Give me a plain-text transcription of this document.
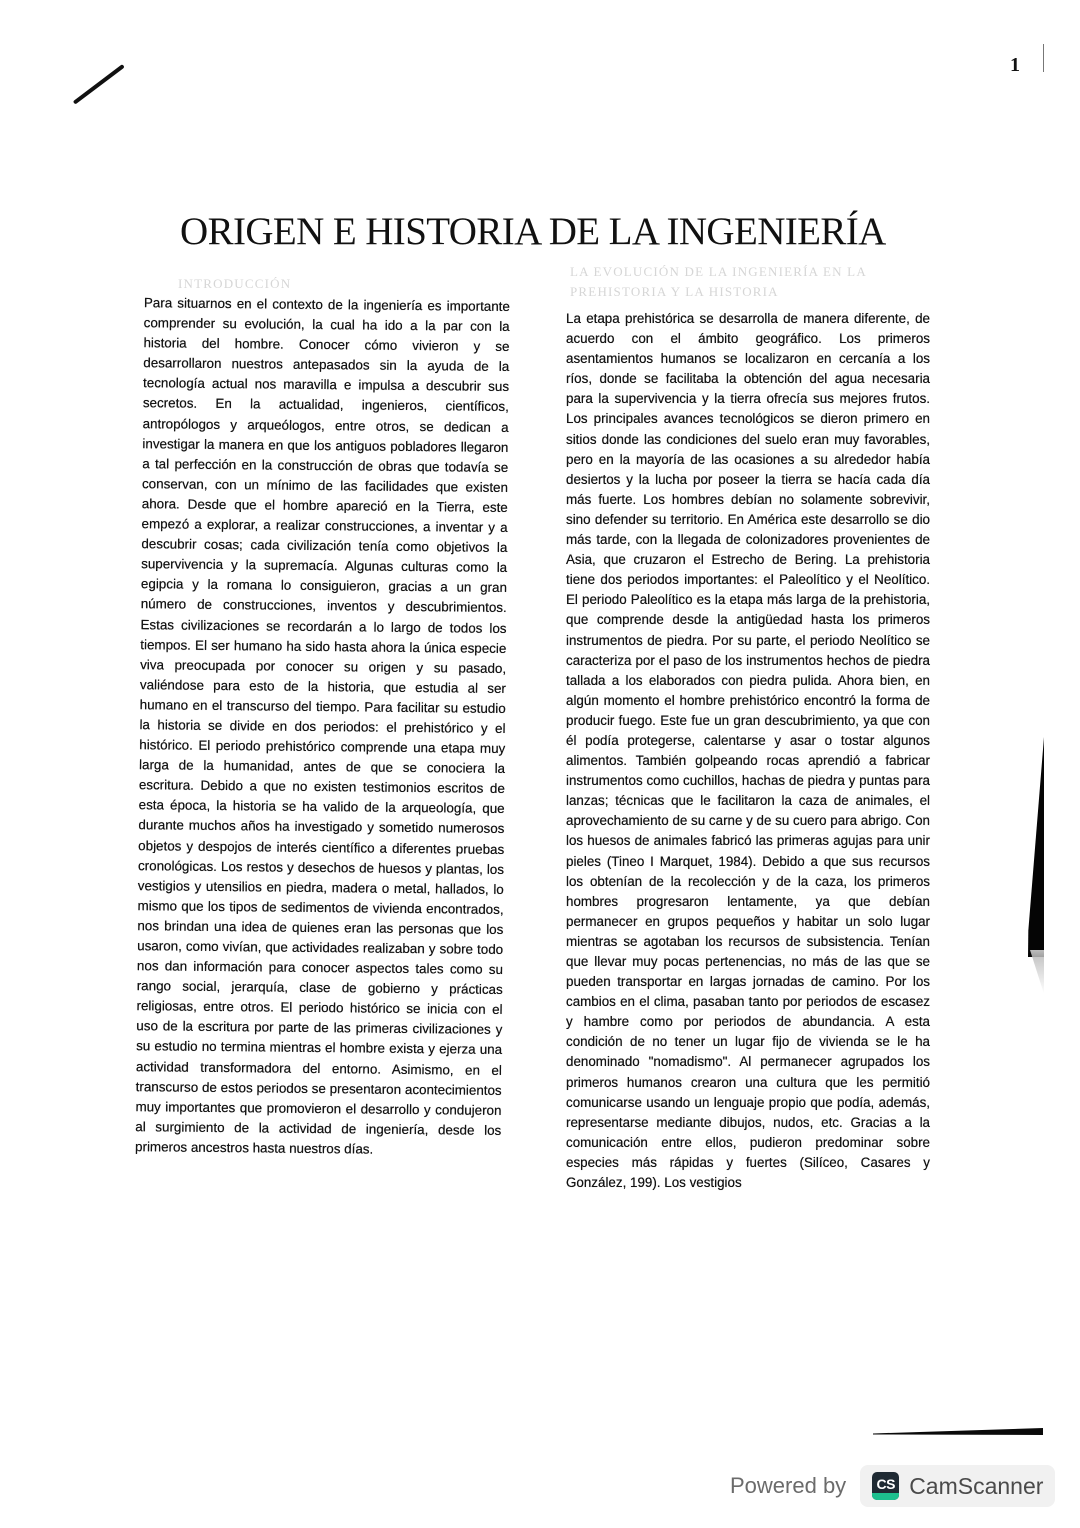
1
ORIGEN E HISTORIA DE LA INGENIERÍA
INTRODUCCIÓN
LA EVOLUCIÓN DE LA INGENIERÍA EN LA PREHISTORIA Y LA HISTORIA

Para situarnos en el contexto de la ingeniería es importante comprender su evolución, la cual ha ido a la par con la historia del hombre. Conocer cómo vivieron y se desarrollaron nuestros antepasados sin la ayuda de la tecnología actual nos maravilla e impulsa a descubrir sus secretos. En la actualidad, ingenieros, científicos, antropólogos y arqueólogos, entre otros, se dedican a investigar la manera en que los antiguos pobladores llegaron a tal perfección en la construcción de obras que todavía se conservan, con un mínimo de las facilidades que existen ahora. Desde que el hombre apareció en la Tierra, este empezó a explorar, a realizar construcciones, a inventar y a descubrir cosas; cada civilización tenía como objetivos la supervivencia y la supremacía. Algunas culturas como la egipcia y la romana lo consiguieron, gracias a un gran número de construcciones, inventos y descubrimientos. Estas civilizaciones se recordarán a lo largo de todos los tiempos. El ser humano ha sido hasta ahora la única especie viva preocupada por conocer su origen y su pasado, valiéndose para esto de la historia, que estudia al ser humano en el transcurso del tiempo. Para facilitar su estudio la historia se divide en dos periodos: el prehistórico y el histórico. El periodo prehistórico comprende una etapa muy larga de la humanidad, antes de que se conociera la escritura. Debido a que no existen testimonios escritos de esta época, la historia se ha valido de la arqueología, que durante muchos años ha investigado y sometido numerosos objetos y despojos de interés científico a diferentes pruebas cronológicas. Los restos y desechos de huesos y plantas, los vestigios y utensilios en piedra, madera o metal, hallados, lo mismo que los tipos de sedimentos de vivienda encontrados, nos brindan una idea de quienes eran las personas que los usaron, como vivían, que actividades realizaban y sobre todo nos dan información para conocer aspectos tales como su rango social, jerarquía, clase de gobierno y prácticas religiosas, entre otros. El periodo histórico se inicia con el uso de la escritura por parte de las primeras civilizaciones y su estudio no termina mientras el hombre exista y ejerza una actividad transformadora del entorno. Asimismo, en el transcurso de estos periodos se presentaron acontecimientos muy importantes que promovieron el desarrollo y condujeron al surgimiento de la actividad de ingeniería, desde los primeros ancestros hasta nuestros días.

La etapa prehistórica se desarrolla de manera diferente, de acuerdo con el ámbito geográfico. Los primeros asentamientos humanos se localizaron en cercanía a los ríos, donde se facilitaba la obtención del agua necesaria para la supervivencia y la tierra ofrecía sus mejores frutos. Los principales avances tecnológicos se dieron primero en sitios donde las condiciones del suelo eran muy favorables, pero en la mayoría de las ocasiones a su alrededor había desiertos y la lucha por poseer la tierra se hacía cada día más fuerte. Los hombres debían no solamente sobrevivir, sino defender su territorio. En América este desarrollo se dio más tarde, con la llegada de colonizadores provenientes de Asia, que cruzaron el Estrecho de Bering. La prehistoria tiene dos periodos importantes: el Paleolítico y el Neolítico. El periodo Paleolítico es la etapa más larga de la prehistoria, que comprende desde la antigüedad hasta los primeros instrumentos de piedra. Por su parte, el periodo Neolítico se caracteriza por el paso de los instrumentos hechos de piedra tallada a los elaborados con piedra pulida. Ahora bien, en algún momento el hombre prehistórico encontró la forma de producir fuego. Este fue un gran descubrimiento, ya que con él podía protegerse, calentarse y asar o tostar algunos alimentos. También golpeando rocas aprendió a fabricar instrumentos como cuchillos, hachas de piedra y puntas para lanzas; técnicas que le facilitaron la caza de animales, el aprovechamiento de su carne y de su cuero para abrigo. Con los huesos de animales fabricó las primeras agujas para unir pieles (Tineo I Marquet, 1984). Debido a que sus recursos los obtenían de la recolección y de la caza, los primeros hombres progresaron lentamente, ya que debían permanecer en grupos pequeños y habitar un solo lugar mientras se agotaban los recursos de subsistencia. Tenían que llevar muy pocas pertenencias, no más de las que se pueden transportar en largas jornadas de camino. Por los cambios en el clima, pasaban tanto por periodos de escasez y hambre como por periodos de abundancia. A esta condición de no tener un lugar fijo de vivienda se le ha denominado "nomadismo". Al permanecer agrupados los primeros humanos crearon una cultura que les permitió comunicarse usando un lenguaje propio que podía, además, representarse mediante dibujos, nudos, etc. Gracias a la comunicación entre ellos, pudieron predominar sobre especies más rápidas y fuertes (Silíceo, Casares y González, 199). Los vestigios

Powered by CS CamScanner
